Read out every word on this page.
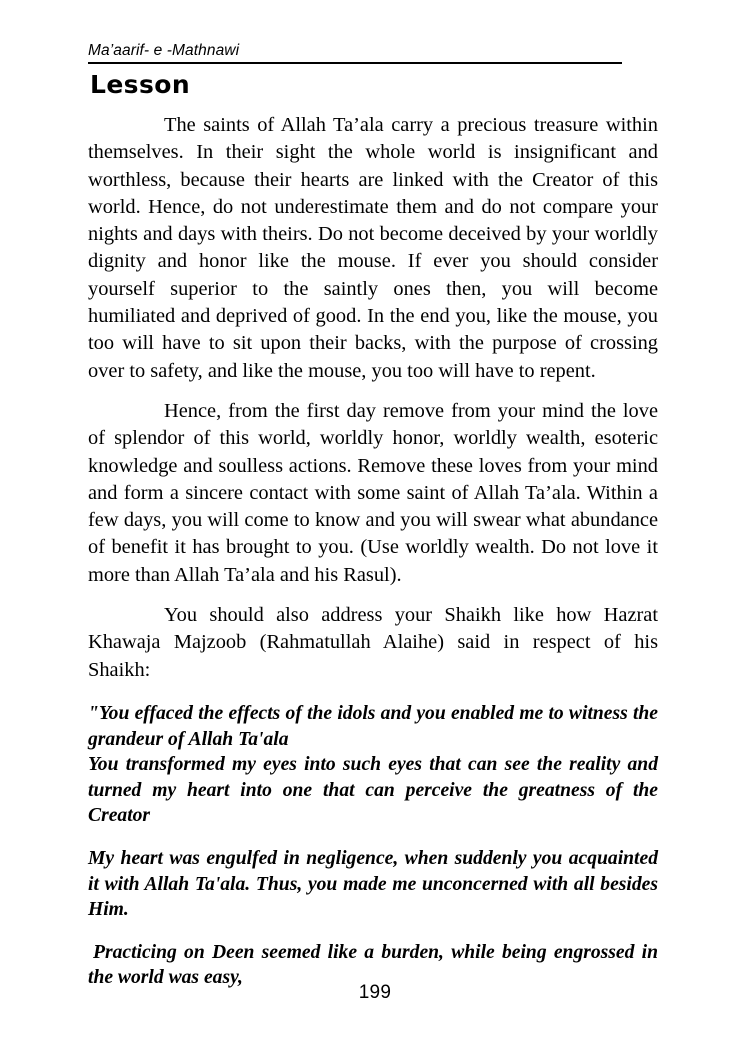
Ma’aarif- e -Mathnawi
Lesson

The saints of Allah Ta’ala carry a precious treasure within themselves. In their sight the whole world is insignificant and worthless, because their hearts are linked with the Creator of this world. Hence, do not underestimate them and do not compare your nights and days with theirs. Do not become deceived by your worldly dignity and honor like the mouse. If ever you should consider yourself superior to the saintly ones then, you will become humiliated and deprived of good. In the end you, like the mouse, you too will have to sit upon their backs, with the purpose of crossing over to safety, and like the mouse, you too will have to repent.

Hence, from the first day remove from your mind the love of splendor of this world, worldly honor, worldly wealth, esoteric knowledge and soulless actions. Remove these loves from your mind and form a sincere contact with some saint of Allah Ta’ala. Within a few days, you will come to know and you will swear what abundance of benefit it has brought to you. (Use worldly wealth. Do not love it more than Allah Ta’ala and his Rasul).

You should also address your Shaikh like how Hazrat Khawaja Majzoob (Rahmatullah Alaihe) said in respect of his Shaikh:

"You effaced the effects of the idols and you enabled me to witness the grandeur of Allah Ta'ala

You transformed my eyes into such eyes that can see the reality and turned my heart into one that can perceive the greatness of the Creator

My heart was engulfed in negligence, when suddenly you acquainted it with Allah Ta'ala. Thus, you made me unconcerned with all besides Him.

Practicing on Deen seemed like a burden, while being engrossed in the world was easy,

199
